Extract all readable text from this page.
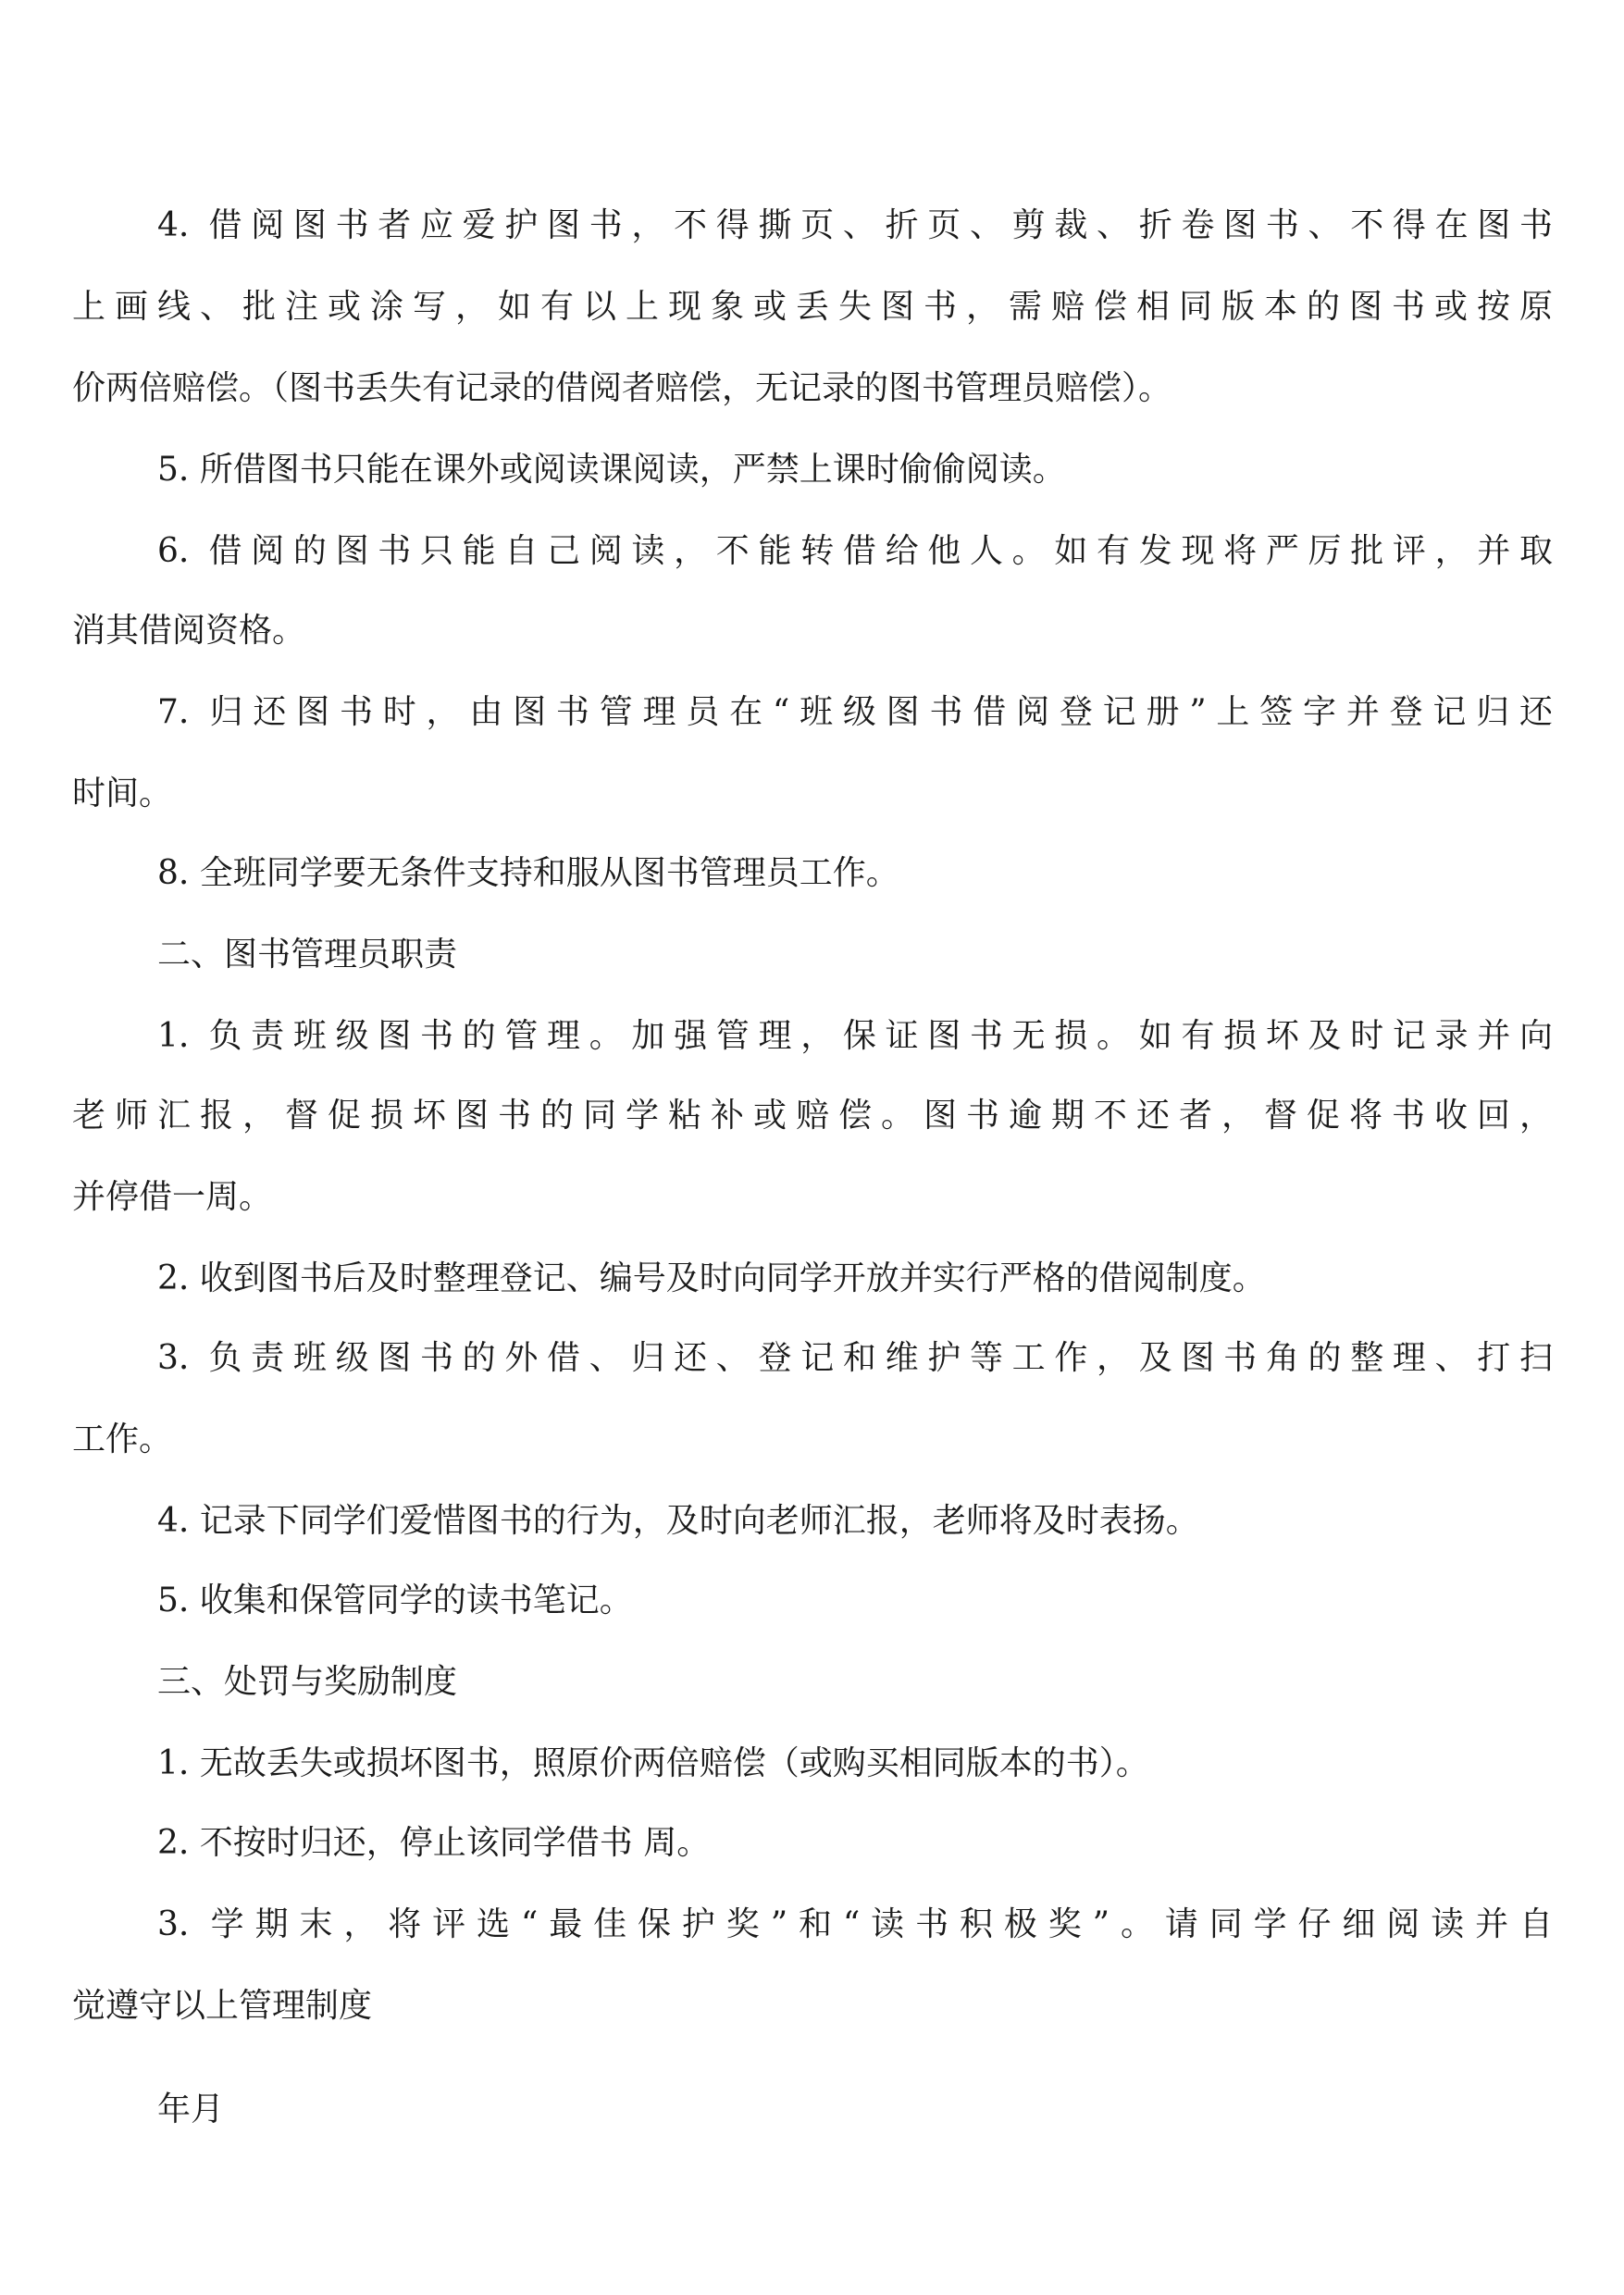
4. 借阅图书者应爱护图书，不得撕页、折页、剪裁、折卷图书、不得在图书

上画线、批注或涂写，如有以上现象或丢失图书，需赔偿相同版本的图书或按原

价两倍赔偿。（图书丢失有记录的借阅者赔偿，无记录的图书管理员赔偿）。

5. 所借图书只能在课外或阅读课阅读，严禁上课时偷偷阅读。

6. 借阅的图书只能自己阅读，不能转借给他人。如有发现将严厉批评，并取

消其借阅资格。

7. 归还图书时，由图书管理员在“班级图书借阅登记册”上签字并登记归还

时间。

8. 全班同学要无条件支持和服从图书管理员工作。

二、图书管理员职责

1. 负责班级图书的管理。加强管理，保证图书无损。如有损坏及时记录并向

老师汇报，督促损坏图书的同学粘补或赔偿。图书逾期不还者，督促将书收回，

并停借一周。

2. 收到图书后及时整理登记、编号及时向同学开放并实行严格的借阅制度。

3. 负责班级图书的外借、归还、登记和维护等工作，及图书角的整理、打扫

工作。

4. 记录下同学们爱惜图书的行为，及时向老师汇报，老师将及时表扬。

5. 收集和保管同学的读书笔记。

三、处罚与奖励制度

1. 无故丢失或损坏图书，照原价两倍赔偿（或购买相同版本的书）。

2. 不按时归还，停止该同学借书 周。

3. 学期末，将评选“最佳保护奖”和“读书积极奖”。请同学仔细阅读并自

觉遵守以上管理制度

年月
